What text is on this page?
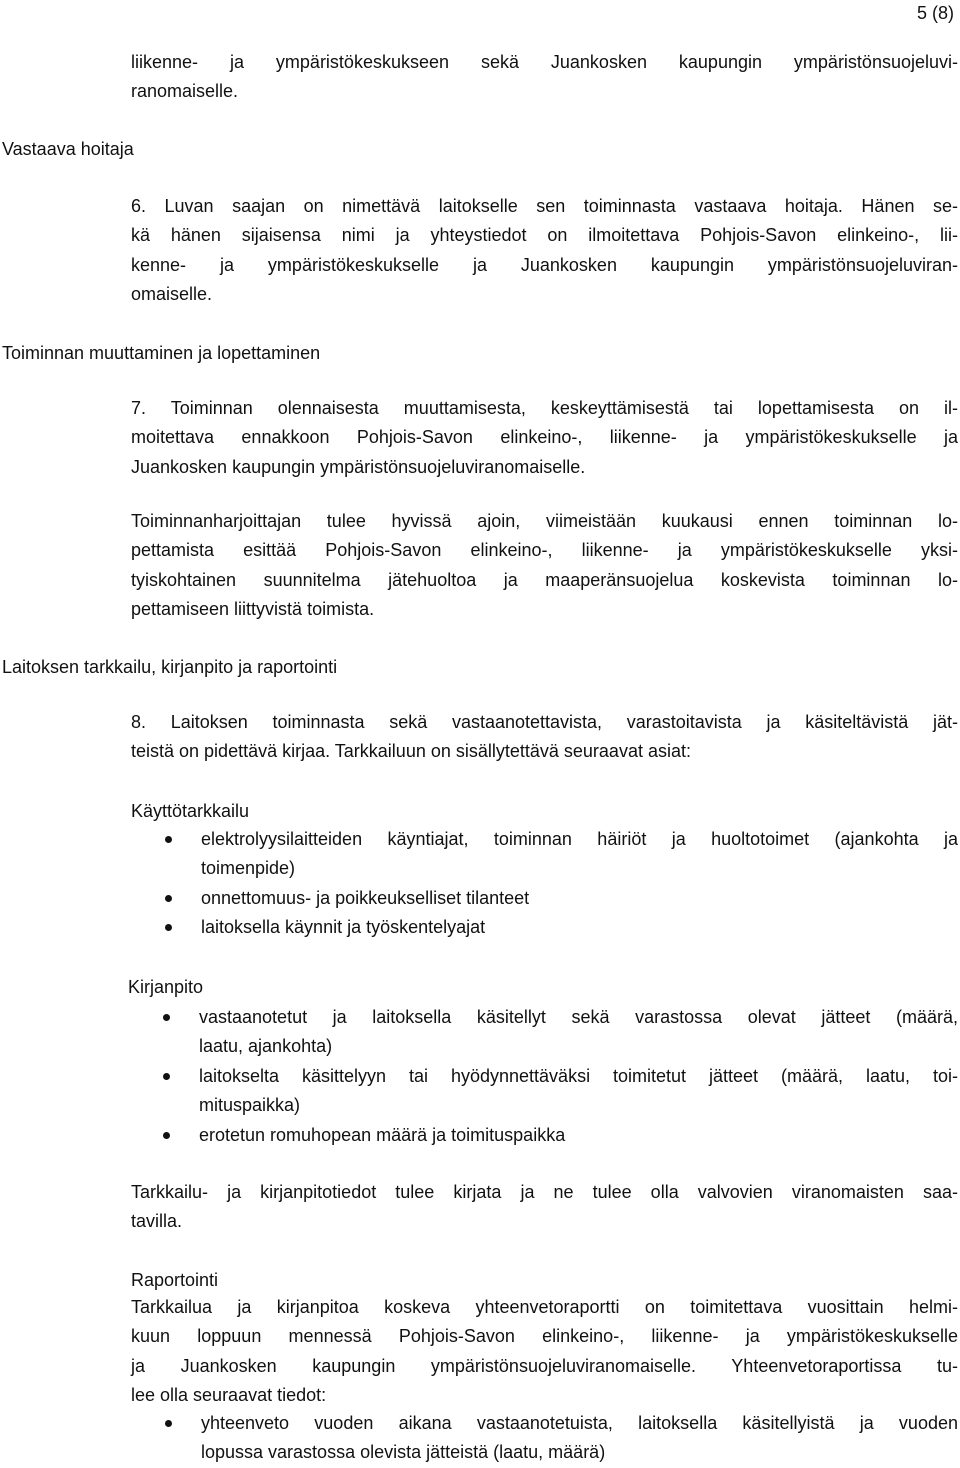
5 (8)
liikenne- ja ympäristökeskukseen sekä Juankosken kaupungin ympäristönsuojeluvi-
ranomaiselle.
Vastaava hoitaja
6. Luvan saajan on nimettävä laitokselle sen toiminnasta vastaava hoitaja. Hänen se-
kä hänen sijaisensa nimi ja yhteystiedot on ilmoitettava Pohjois-Savon elinkeino-, lii-
kenne- ja ympäristökeskukselle ja Juankosken kaupungin ympäristönsuojeluviran-
omaiselle.
Toiminnan muuttaminen ja lopettaminen
7. Toiminnan olennaisesta muuttamisesta, keskeyttämisestä tai lopettamisesta on il-
moitettava ennakkoon Pohjois-Savon elinkeino-, liikenne- ja ympäristökeskukselle ja
Juankosken kaupungin ympäristönsuojeluviranomaiselle.
Toiminnanharjoittajan tulee hyvissä ajoin, viimeistään kuukausi ennen toiminnan lo-
pettamista esittää Pohjois-Savon elinkeino-, liikenne- ja ympäristökeskukselle yksi-
tyiskohtainen suunnitelma jätehuoltoa ja maaperänsuojelua koskevista toiminnan lo-
pettamiseen liittyvistä toimista.
Laitoksen tarkkailu, kirjanpito ja raportointi
8. Laitoksen toiminnasta sekä vastaanotettavista, varastoitavista ja käsiteltävistä jät-
teistä on pidettävä kirjaa. Tarkkailuun on sisällytettävä seuraavat asiat:
Käyttötarkkailu
elektrolyysilaitteiden käyntiajat, toiminnan häiriöt ja huoltotoimet (ajankohta ja
toimenpide)
onnettomuus- ja poikkeukselliset tilanteet
laitoksella käynnit ja työskentelyajat
Kirjanpito
vastaanotetut ja laitoksella käsitellyt sekä varastossa olevat jätteet (määrä,
laatu, ajankohta)
laitokselta käsittelyyn tai hyödynnettäväksi toimitetut jätteet (määrä, laatu, toi-
mituspaikka)
erotetun romuhopean määrä ja toimituspaikka
Tarkkailu- ja kirjanpitotiedot tulee kirjata ja ne tulee olla valvovien viranomaisten saa-
tavilla.
Raportointi
Tarkkailua ja kirjanpitoa koskeva yhteenvetoraportti on toimitettava vuosittain helmi-
kuun loppuun mennessä Pohjois-Savon elinkeino-, liikenne- ja ympäristökeskukselle
ja Juankosken kaupungin ympäristönsuojeluviranomaiselle. Yhteenvetoraportissa tu-
lee olla seuraavat tiedot:
yhteenveto vuoden aikana vastaanotetuista, laitoksella käsitellyistä ja vuoden
lopussa varastossa olevista jätteistä (laatu, määrä)
